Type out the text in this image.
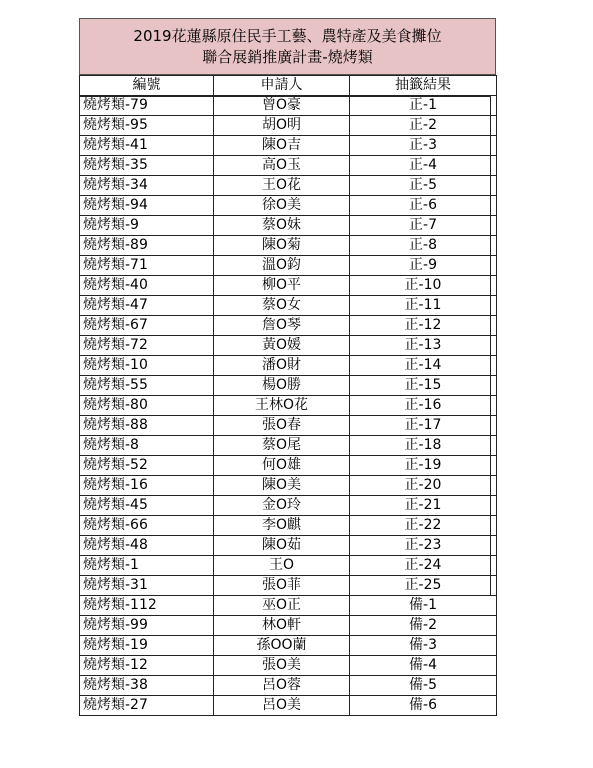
2019花蓮縣原住民手工藝、農特產及美食攤位
聯合展銷推廣計畫-燒烤類
編號	申請人	抽籤結果
燒烤類-79	曾O豪	正-1
燒烤類-95	胡O明	正-2
燒烤類-41	陳O吉	正-3
燒烤類-35	高O玉	正-4
燒烤類-34	王O花	正-5
燒烤類-94	徐O美	正-6
燒烤類-9	蔡O妹	正-7
燒烤類-89	陳O菊	正-8
燒烤類-71	溫O鈞	正-9
燒烤類-40	柳O平	正-10
燒烤類-47	蔡O女	正-11
燒烤類-67	詹O琴	正-12
燒烤類-72	黃O媛	正-13
燒烤類-10	潘O財	正-14
燒烤類-55	楊O勝	正-15
燒烤類-80	王林O花	正-16
燒烤類-88	張O春	正-17
燒烤類-8	蔡O尾	正-18
燒烤類-52	何O雄	正-19
燒烤類-16	陳O美	正-20
燒烤類-45	金O玲	正-21
燒烤類-66	李O麒	正-22
燒烤類-48	陳O茹	正-23
燒烤類-1	王O	正-24
燒烤類-31	張O菲	正-25
燒烤類-112	巫O正	備-1
燒烤類-99	林O軒	備-2
燒烤類-19	孫OO蘭	備-3
燒烤類-12	張O美	備-4
燒烤類-38	呂O蓉	備-5
燒烤類-27	呂O美	備-6
